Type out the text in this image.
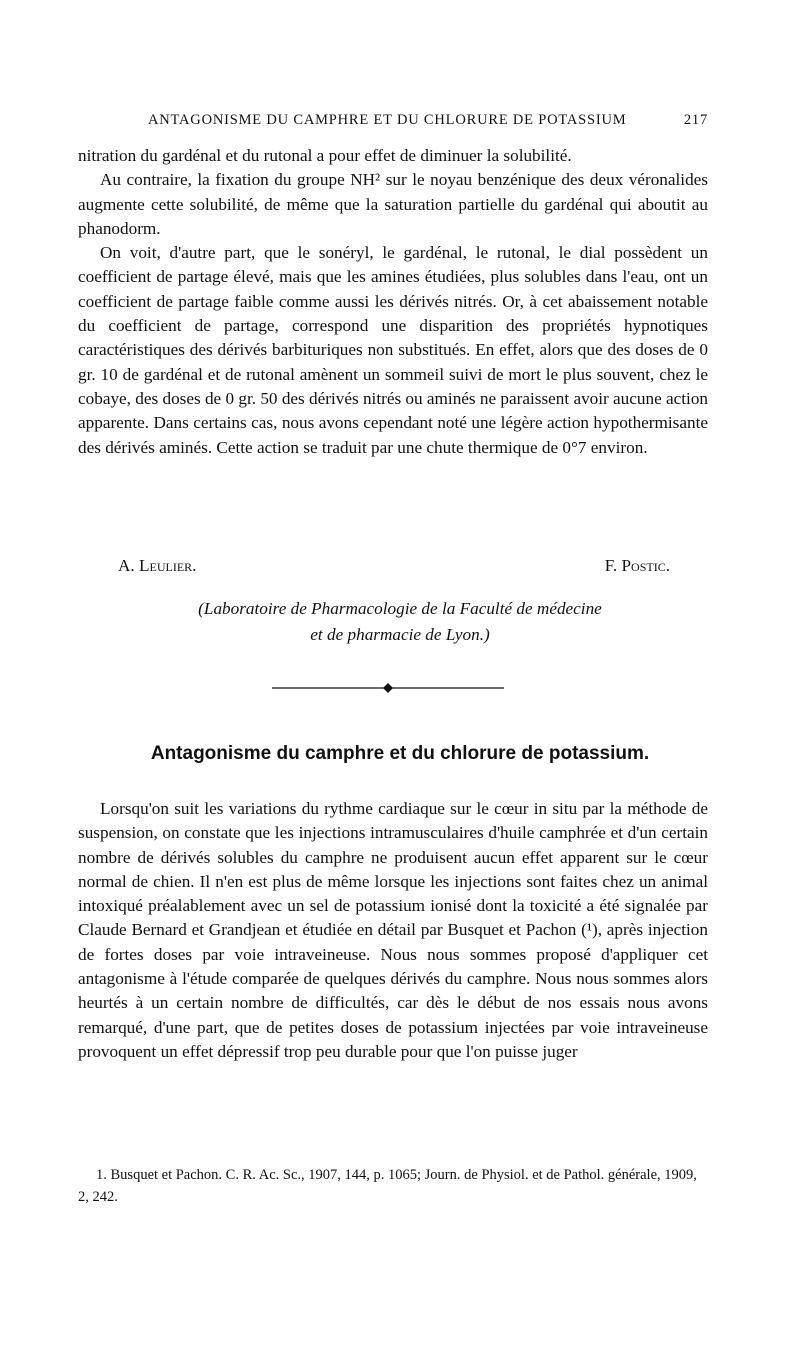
ANTAGONISME DU CAMPHRE ET DU CHLORURE DE POTASSIUM	217

nitration du gardénal et du rutonal a pour effet de diminuer la solubilité.

Au contraire, la fixation du groupe NH² sur le noyau benzénique des deux véronalides augmente cette solubilité, de même que la saturation partielle du gardénal qui aboutit au phanodorm.

On voit, d'autre part, que le sonéryl, le gardénal, le rutonal, le dial possèdent un coefficient de partage élevé, mais que les amines étudiées, plus solubles dans l'eau, ont un coefficient de partage faible comme aussi les dérivés nitrés. Or, à cet abaissement notable du coefficient de partage, correspond une disparition des propriétés hypnotiques caractéristiques des dérivés barbituriques non substitués. En effet, alors que des doses de 0 gr. 10 de gardénal et de rutonal amènent un sommeil suivi de mort le plus souvent, chez le cobaye, des doses de 0 gr. 50 des dérivés nitrés ou aminés ne paraissent avoir aucune action apparente. Dans certains cas, nous avons cependant noté une légère action hypothermisante des dérivés aminés. Cette action se traduit par une chute thermique de 0°7 environ.

A. Leulier.	F. Postic.
(Laboratoire de Pharmacologie de la Faculté de médecine
et de pharmacie de Lyon.)
Antagonisme du camphre et du chlorure de potassium.

Lorsqu'on suit les variations du rythme cardiaque sur le cœur in situ par la méthode de suspension, on constate que les injections intramusculaires d'huile camphrée et d'un certain nombre de dérivés solubles du camphre ne produisent aucun effet apparent sur le cœur normal de chien. Il n'en est plus de même lorsque les injections sont faites chez un animal intoxiqué préalablement avec un sel de potassium ionisé dont la toxicité a été signalée par Claude Bernard et Grandjean et étudiée en détail par Busquet et Pachon (¹), après injection de fortes doses par voie intraveineuse. Nous nous sommes proposé d'appliquer cet antagonisme à l'étude comparée de quelques dérivés du camphre. Nous nous sommes alors heurtés à un certain nombre de difficultés, car dès le début de nos essais nous avons remarqué, d'une part, que de petites doses de potassium injectées par voie intraveineuse provoquent un effet dépressif trop peu durable pour que l'on puisse juger

1. Busquet et Pachon. C. R. Ac. Sc., 1907, 144, p. 1065; Journ. de Physiol. et de Pathol. générale, 1909, 2, 242.
